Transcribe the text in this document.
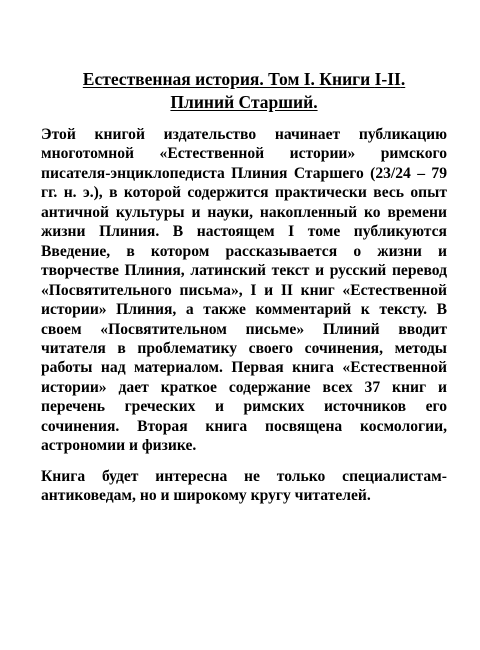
Естественная история. Том I. Книги I-II.
Плиний Старший.

Этой книгой издательство начинает публикацию многотомной «Естественной истории» римского писателя-энциклопедиста Плиния Старшего (23/24 – 79 гг. н. э.), в которой содержится практически весь опыт античной культуры и науки, накопленный ко времени жизни Плиния. В настоящем I томе публикуются Введение, в котором рассказывается о жизни и творчестве Плиния, латинский текст и русский перевод «Посвятительного письма», I и II книг «Естественной истории» Плиния, а также комментарий к тексту. В своем «Посвятительном письме» Плиний вводит читателя в проблематику своего сочинения, методы работы над материалом. Первая книга «Естественной истории» дает краткое содержание всех 37 книг и перечень греческих и римских источников его сочинения. Вторая книга посвящена космологии, астрономии и физике.

Книга будет интересна не только специалистам-антиковедам, но и широкому кругу читателей.
